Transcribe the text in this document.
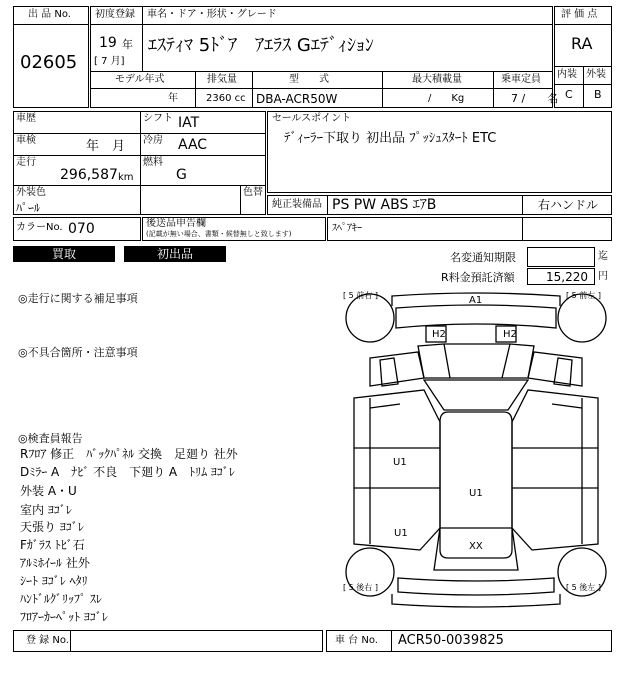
出 品 No.
02605
初度登録 車名・ドア・形状・グレード
19 年
[ 7 月]
ｴｽﾃｨﾏ 5ﾄﾞｱ　ｱｴﾗｽ Gｴﾃﾞｨｼｮﾝ
モデル年式	排気量	型　　式	最大積載量	乗車定員
年	2360 cc DBA-ACR50W	/　　Kg	7 /　　名
評 価 点
RA
内装 外装
C B
車歴	シフト IAT
車検	年　月 冷房 AAC
走行
296,587 km
燃料
G
セールスポイント
ﾃﾞｨｰﾗｰ下取り 初出品 ﾌﾟｯｼｭｽﾀｰﾄ ETC
外装色
ﾊﾟｰﾙ
色替
純正装備品 PS PW ABS ｴｱB	右ハンドル
カラーNo. 070	後送品申告欄
(記載が無い場合、書類・候替無しと致します)	ｽﾍﾟｱｷｰ
買取	初出品	名変通知期限	迄
R料金預託済額	15,220 円
◎走行に関する補足事項
◎不具合箇所・注意事項
◎検査員報告
Rﾌﾛｱ 修正　ﾊﾞｯｸﾊﾟﾈﾙ 交換　足廻り 社外
Dﾐﾗｰ A　ﾅﾋﾞ 不良　下廻り A　ﾄﾘﾑ ﾖｺﾞﾚ
外装 A・U
室内 ﾖｺﾞﾚ
天張り ﾖｺﾞﾚ
Fｶﾞﾗｽ ﾄﾋﾞ石
ｱﾙﾐﾎｲｰﾙ 社外
ｼｰﾄ ﾖｺﾞﾚ ﾍﾀﾘ
ﾊﾝﾄﾞﾙｸﾞﾘｯﾌﾟ ｽﾚ
ﾌﾛｱｰｶｰﾍﾟｯﾄ ﾖｺﾞﾚ
[ 5 前右 ]	[ 5 前左 ]
[ 5 後右 ]	[ 5 後左 ]
A1
H2	H2
U1
U1
U1
XX
登 録 No.	車 台 No. ACR50-0039825
